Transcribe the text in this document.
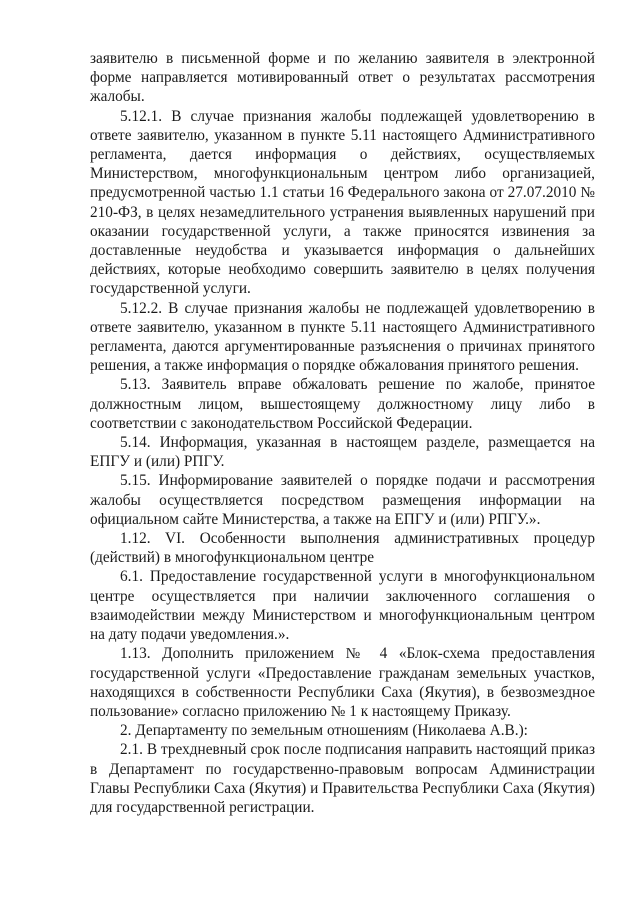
заявителю в письменной форме и по желанию заявителя в электронной форме направляется мотивированный ответ о результатах рассмотрения жалобы.

5.12.1. В случае признания жалобы подлежащей удовлетворению в ответе заявителю, указанном в пункте 5.11 настоящего Административного регламента, дается информация о действиях, осуществляемых Министерством, многофункциональным центром либо организацией, предусмотренной частью 1.1 статьи 16 Федерального закона от 27.07.2010 № 210-ФЗ, в целях незамедлительного устранения выявленных нарушений при оказании государственной услуги, а также приносятся извинения за доставленные неудобства и указывается информация о дальнейших действиях, которые необходимо совершить заявителю в целях получения государственной услуги.

5.12.2. В случае признания жалобы не подлежащей удовлетворению в ответе заявителю, указанном в пункте 5.11 настоящего Административного регламента, даются аргументированные разъяснения о причинах принятого решения, а также информация о порядке обжалования принятого решения.

5.13. Заявитель вправе обжаловать решение по жалобе, принятое должностным лицом, вышестоящему должностному лицу либо в соответствии с законодательством Российской Федерации.

5.14. Информация, указанная в настоящем разделе, размещается на ЕПГУ и (или) РПГУ.

5.15. Информирование заявителей о порядке подачи и рассмотрения жалобы осуществляется посредством размещения информации на официальном сайте Министерства, а также на ЕПГУ и (или) РПГУ.».

1.12. VI. Особенности выполнения административных процедур (действий) в многофункциональном центре

6.1. Предоставление государственной услуги в многофункциональном центре осуществляется при наличии заключенного соглашения о взаимодействии между Министерством и многофункциональным центром на дату подачи уведомления.».

1.13. Дополнить приложением № 4 «Блок-схема предоставления государственной услуги «Предоставление гражданам земельных участков, находящихся в собственности Республики Саха (Якутия), в безвозмездное пользование» согласно приложению № 1 к настоящему Приказу.

2. Департаменту по земельным отношениям (Николаева А.В.):

2.1. В трехдневный срок после подписания направить настоящий приказ в Департамент по государственно-правовым вопросам Администрации Главы Республики Саха (Якутия) и Правительства Республики Саха (Якутия) для государственной регистрации.
